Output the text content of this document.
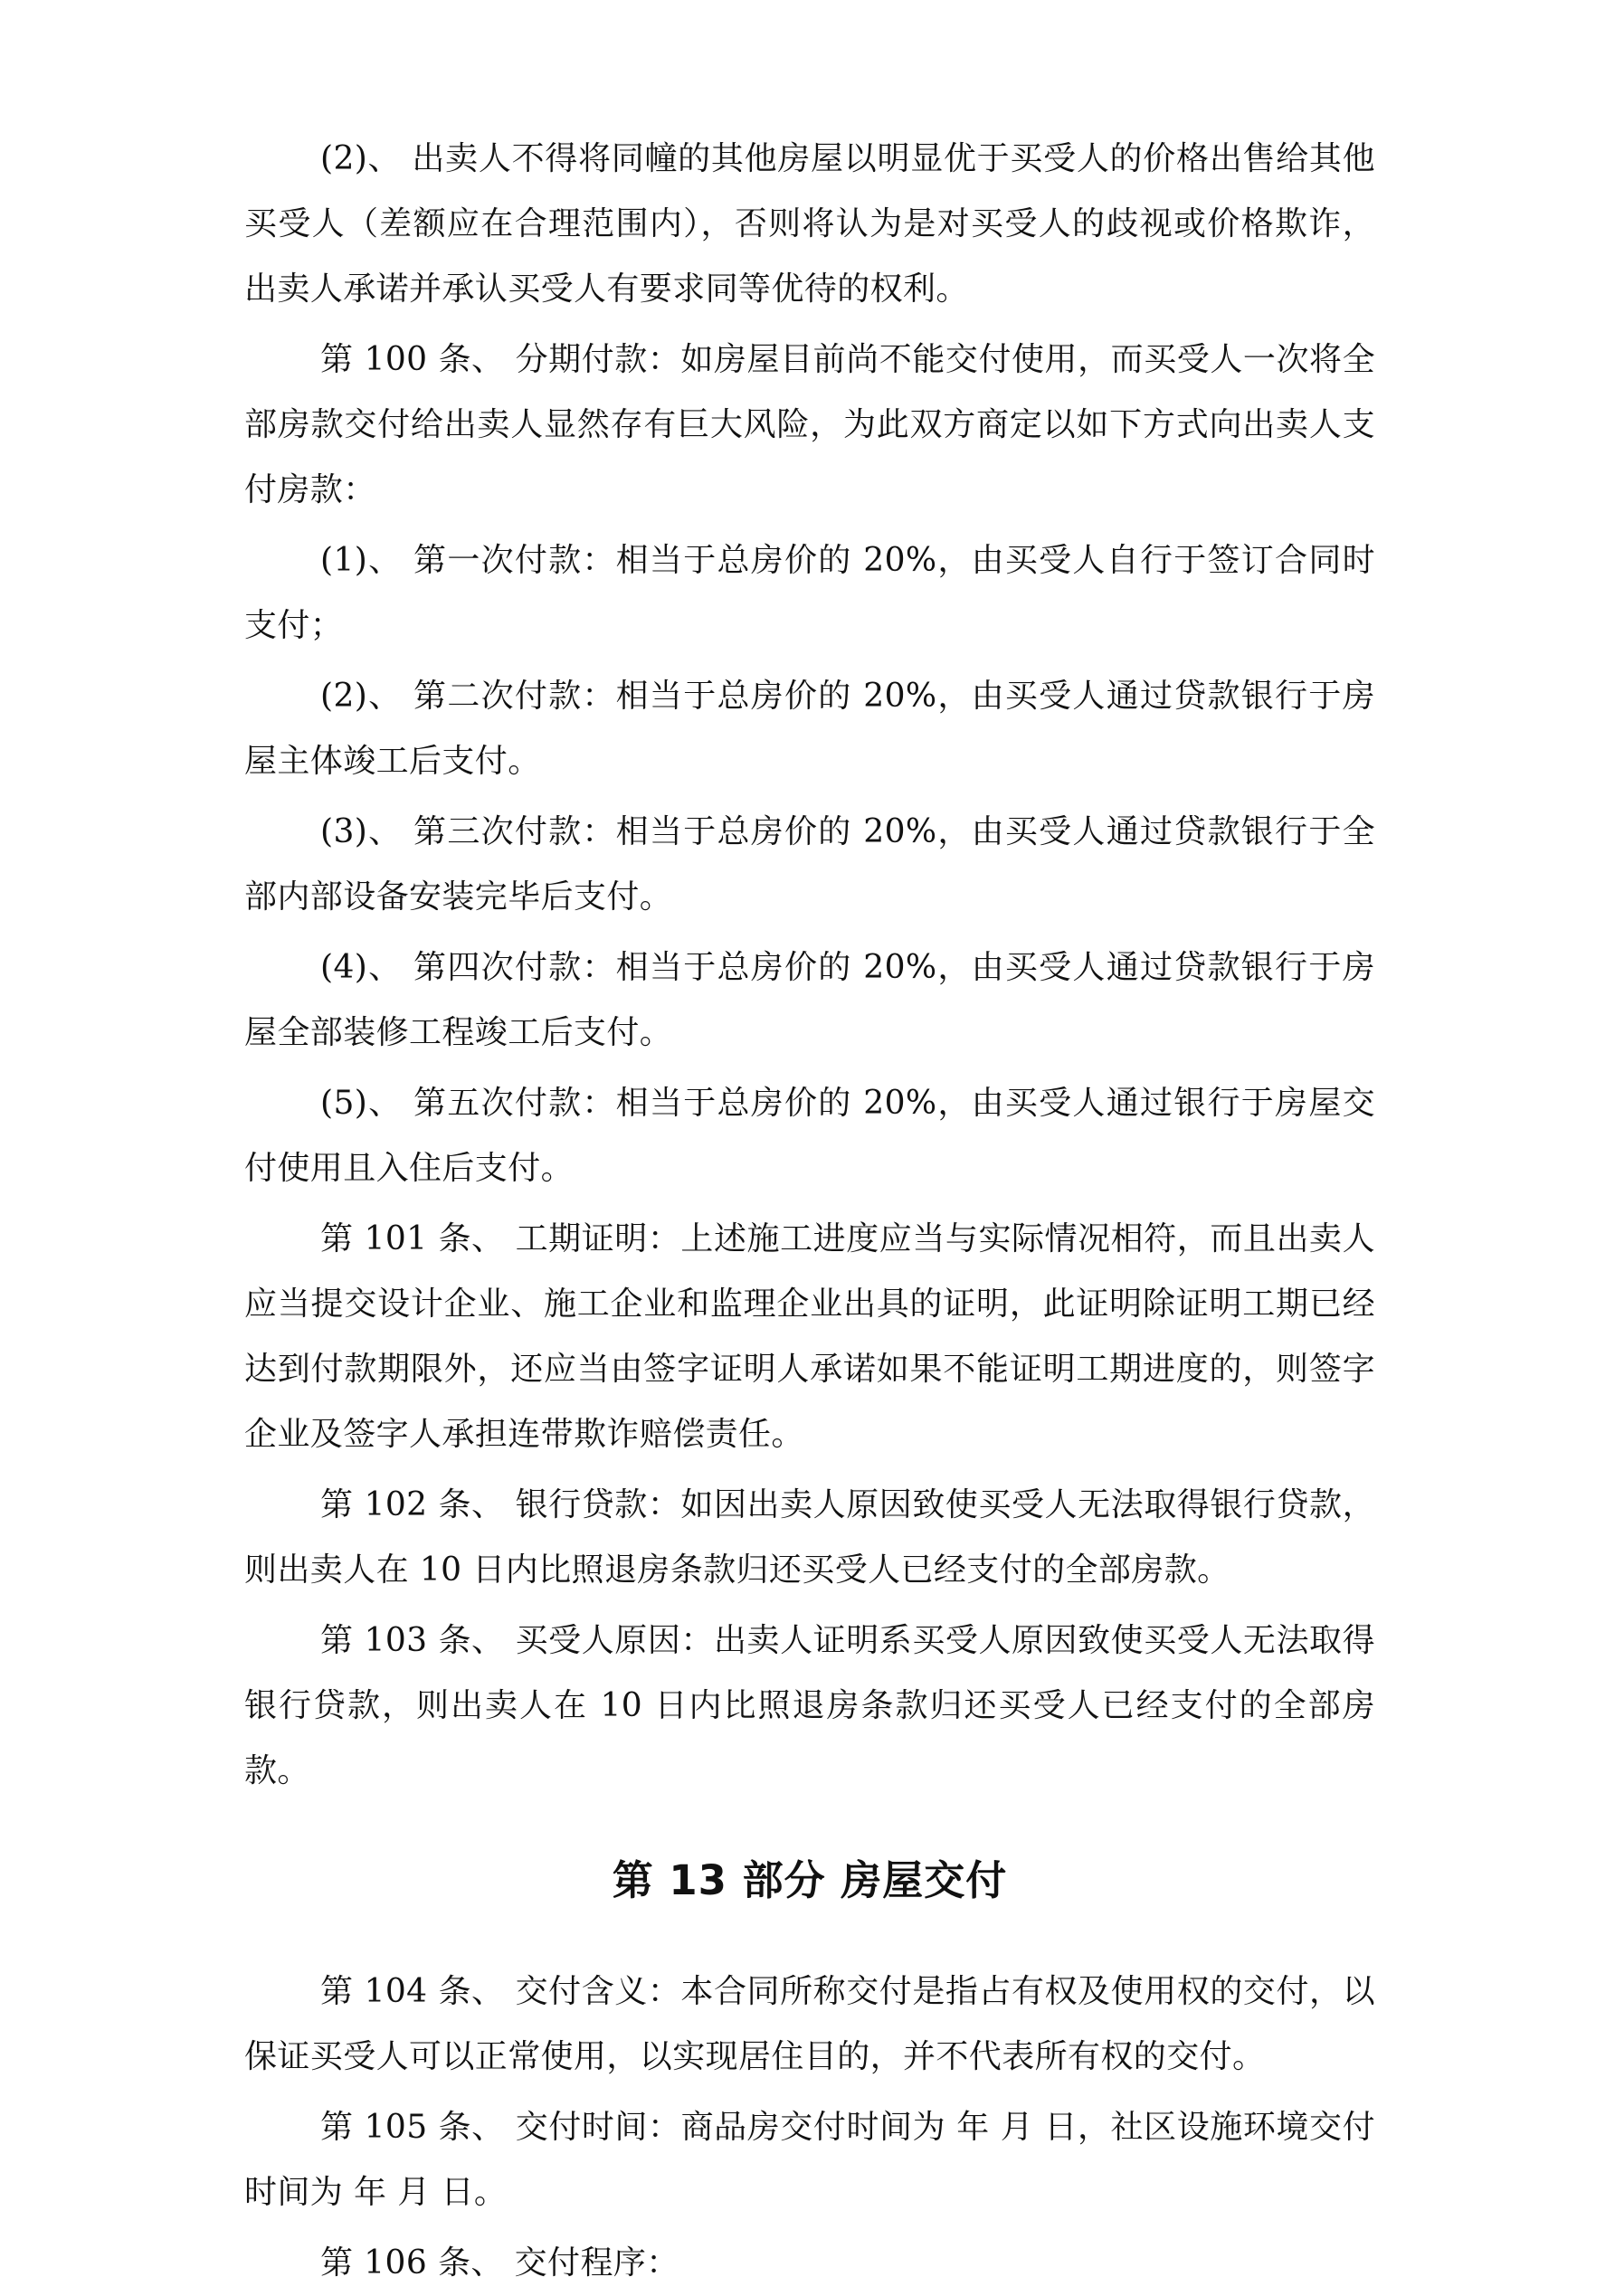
(2)、 出卖人不得将同幢的其他房屋以明显优于买受人的价格出售给其他买受人（差额应在合理范围内），否则将认为是对买受人的歧视或价格欺诈，出卖人承诺并承认买受人有要求同等优待的权利。

第 100 条、 分期付款：如房屋目前尚不能交付使用，而买受人一次将全部房款交付给出卖人显然存有巨大风险，为此双方商定以如下方式向出卖人支付房款：

(1)、 第一次付款：相当于总房价的 20%，由买受人自行于签订合同时支付；

(2)、 第二次付款：相当于总房价的 20%，由买受人通过贷款银行于房屋主体竣工后支付。

(3)、 第三次付款：相当于总房价的 20%，由买受人通过贷款银行于全部内部设备安装完毕后支付。

(4)、 第四次付款：相当于总房价的 20%，由买受人通过贷款银行于房屋全部装修工程竣工后支付。

(5)、 第五次付款：相当于总房价的 20%，由买受人通过银行于房屋交付使用且入住后支付。

第 101 条、 工期证明：上述施工进度应当与实际情况相符，而且出卖人应当提交设计企业、施工企业和监理企业出具的证明，此证明除证明工期已经达到付款期限外，还应当由签字证明人承诺如果不能证明工期进度的，则签字企业及签字人承担连带欺诈赔偿责任。

第 102 条、 银行贷款：如因出卖人原因致使买受人无法取得银行贷款，则出卖人在 10 日内比照退房条款归还买受人已经支付的全部房款。

第 103 条、 买受人原因：出卖人证明系买受人原因致使买受人无法取得银行贷款，则出卖人在 10 日内比照退房条款归还买受人已经支付的全部房款。

第 13 部分 房屋交付

第 104 条、 交付含义：本合同所称交付是指占有权及使用权的交付，以保证买受人可以正常使用，以实现居住目的，并不代表所有权的交付。

第 105 条、 交付时间：商品房交付时间为 年 月 日，社区设施环境交付时间为 年 月 日。

第 106 条、 交付程序：
